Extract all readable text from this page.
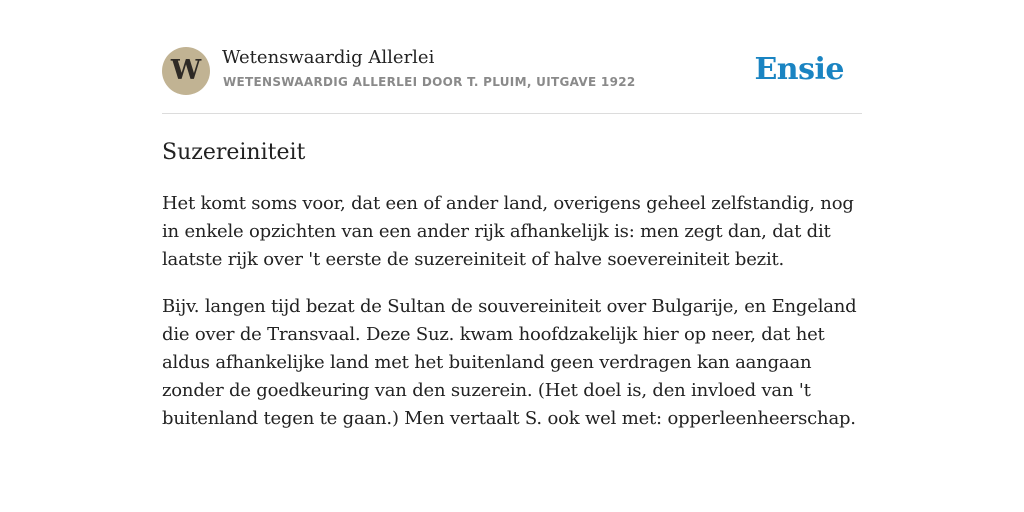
W	Wetenswaardig Allerlei
WETENSWAARDIG ALLERLEI DOOR T. PLUIM, UITGAVE 1922	Ensie
Suzereiniteit

Het komt soms voor, dat een of ander land, overigens geheel zelfstandig, nog in enkele opzichten van een ander rijk afhankelijk is: men zegt dan, dat dit laatste rijk over 't eerste de suzereiniteit of halve soevereiniteit bezit.

Bijv. langen tijd bezat de Sultan de souvereiniteit over Bulgarije, en Engeland die over de Transvaal. Deze Suz. kwam hoofdzakelijk hier op neer, dat het aldus afhankelijke land met het buitenland geen verdragen kan aangaan zonder de goedkeuring van den suzerein. (Het doel is, den invloed van 't buitenland tegen te gaan.) Men vertaalt S. ook wel met: opperleenheerschap.
